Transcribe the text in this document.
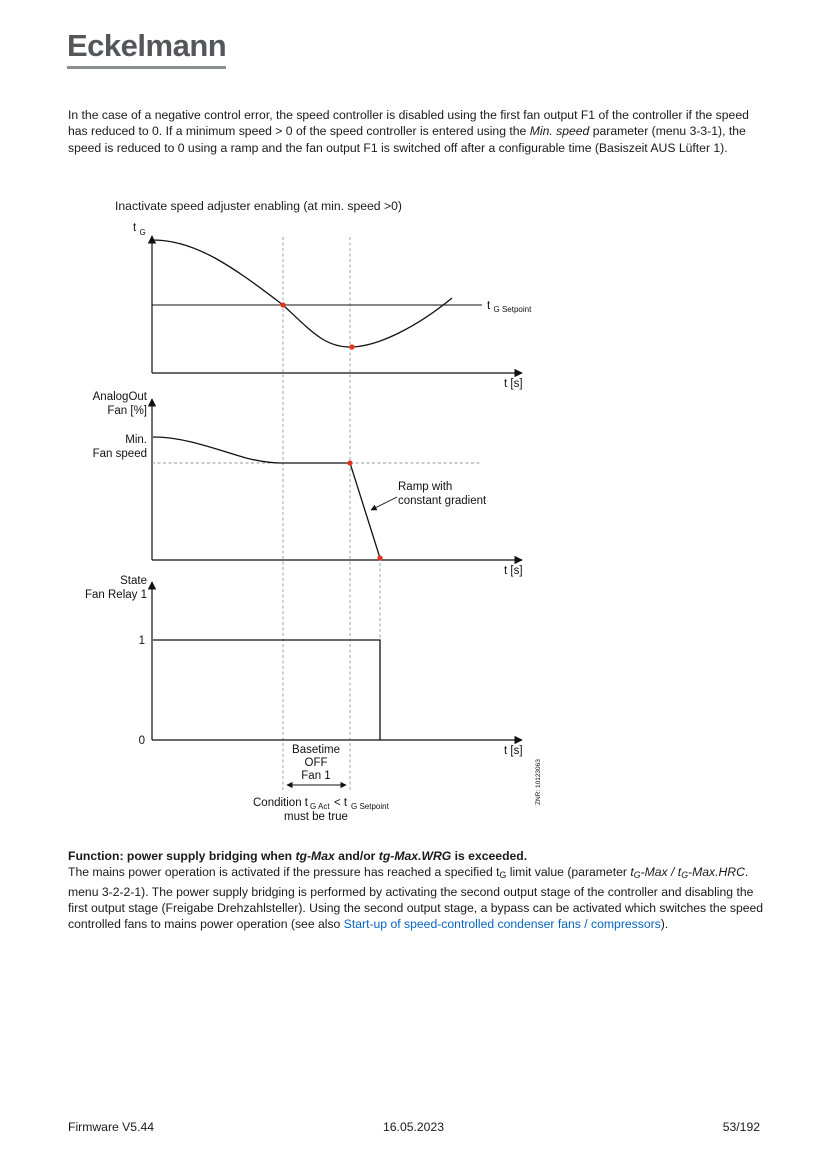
Eckelmann

In the case of a negative control error, the speed controller is disabled using the first fan output F1 of the controller if the speed has reduced to 0. If a minimum speed > 0 of the speed controller is entered using the Min. speed parameter (menu 3-3-1), the speed is reduced to 0 using a ramp and the fan output F1 is switched off after a configurable time (Basiszeit AUS Lüfter 1).

Inactivate speed adjuster enabling (at min. speed >0)
t G
t G Setpoint
t [s]
AnalogOut
Fan [%]
Min.
Fan speed
Ramp with
constant gradient
t [s]
State
Fan Relay 1
1
0
t [s]
Basetime
OFF
Fan 1
Condition t G Act < t G Setpoint
must be true
ZNR: 10123063

Function: power supply bridging when tg-Max and/or tg-Max.WRG is exceeded.

The mains power operation is activated if the pressure has reached a specified $t_G$ limit value (parameter $t_G$-Max / $t_G-Max.HRC$. menu 3-2-2-1). The power supply bridging is performed by activating the second output stage of the controller and disabling the first output stage (Freigabe Drehzahlsteller). Using the second output stage, a bypass can be activated which switches the speed controlled fans to mains power operation (see also Start-up of speed-controlled condenser fans / compressors).

Firmware V5.44	16.05.2023	53/192
